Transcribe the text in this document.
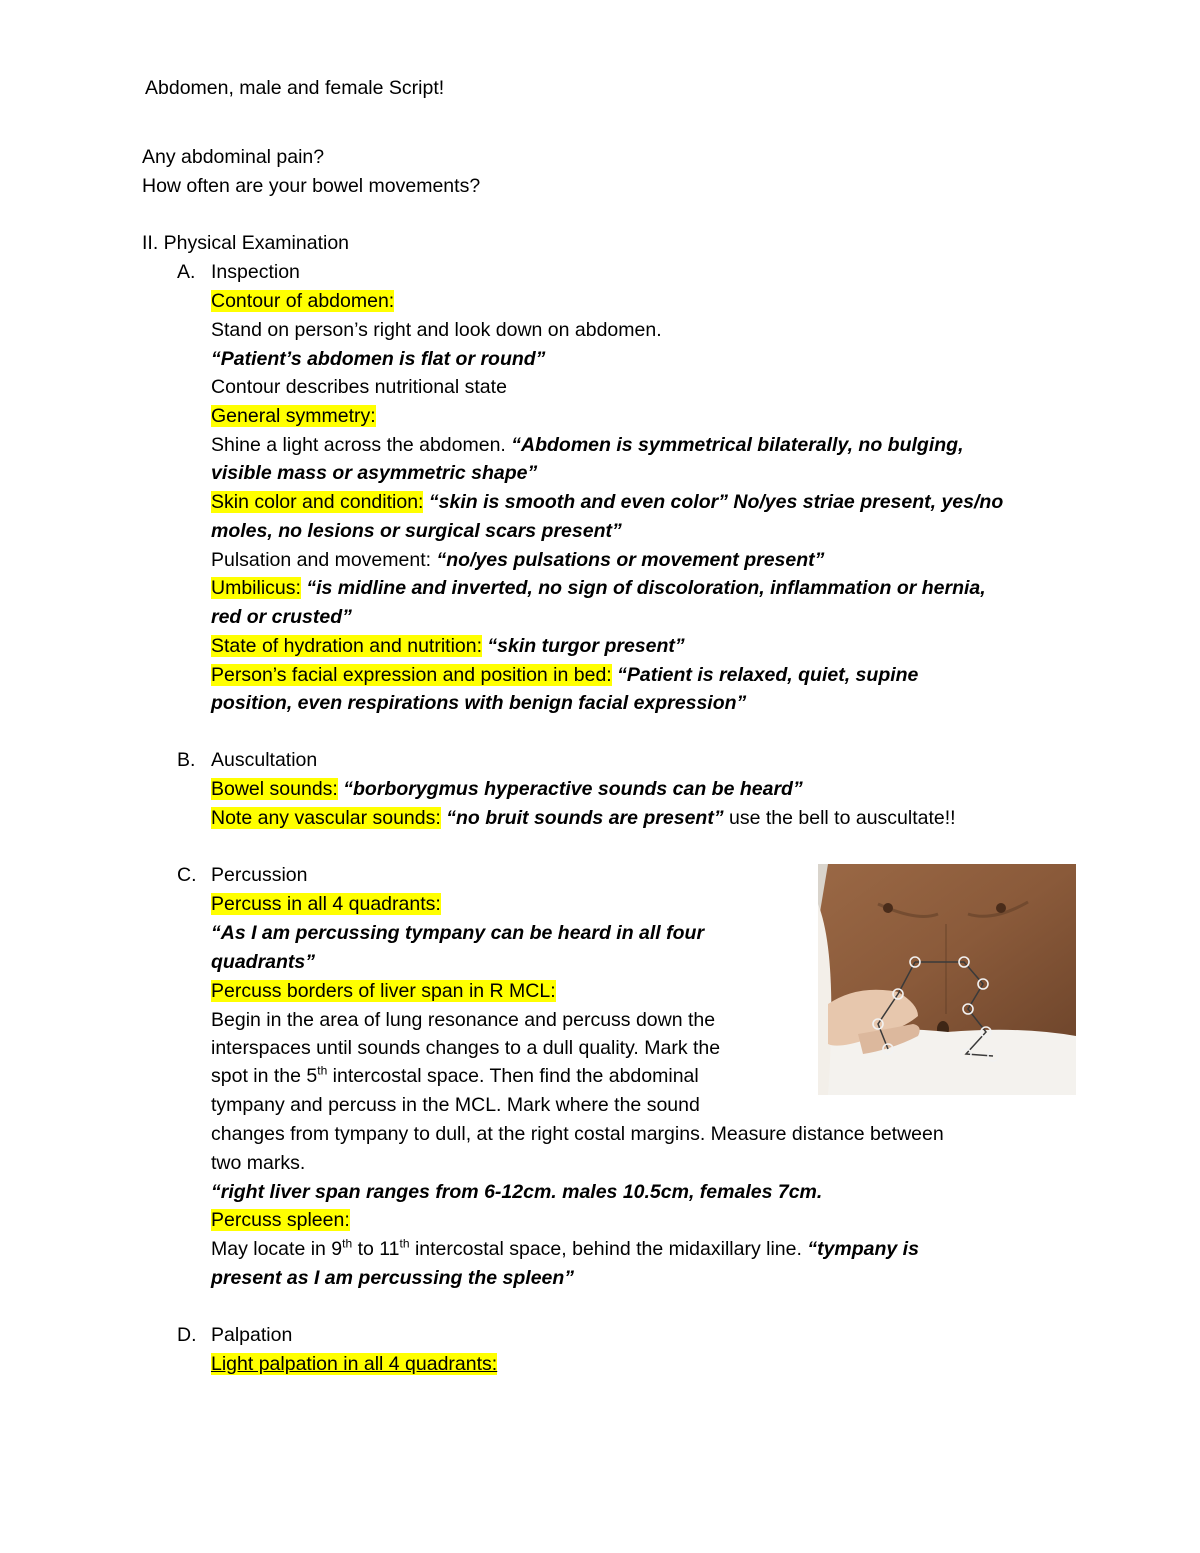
Abdomen, male and female Script!
Any abdominal pain?
How often are your bowel movements?
II. Physical Examination
A. Inspection
Contour of abdomen:
Stand on person’s right and look down on abdomen.
“Patient’s abdomen is flat or round”
Contour describes nutritional state
General symmetry:
Shine a light across the abdomen. “Abdomen is symmetrical bilaterally, no bulging,
visible mass or asymmetric shape”
Skin color and condition: “skin is smooth and even color” No/yes striae present, yes/no
moles, no lesions or surgical scars present”
Pulsation and movement: “no/yes pulsations or movement present”
Umbilicus: “is midline and inverted, no sign of discoloration, inflammation or hernia,
red or crusted”
State of hydration and nutrition: “skin turgor present”
Person’s facial expression and position in bed: “Patient is relaxed, quiet, supine
position, even respirations with benign facial expression”
B. Auscultation
Bowel sounds: “borborygmus hyperactive sounds can be heard”
Note any vascular sounds: “no bruit sounds are present” use the bell to auscultate!!
C. Percussion
Percuss in all 4 quadrants:
“As I am percussing tympany can be heard in all four
quadrants”
Percuss borders of liver span in R MCL:
Begin in the area of lung resonance and percuss down the
interspaces until sounds changes to a dull quality. Mark the
spot in the 5th intercostal space. Then find the abdominal
tympany and percuss in the MCL. Mark where the sound
changes from tympany to dull, at the right costal margins. Measure distance between
two marks.
“right liver span ranges from 6-12cm. males 10.5cm, females 7cm.
Percuss spleen:
May locate in 9th to 11th intercostal space, behind the midaxillary line. “tympany is
present as I am percussing the spleen”
D. Palpation
Light palpation in all 4 quadrants:
